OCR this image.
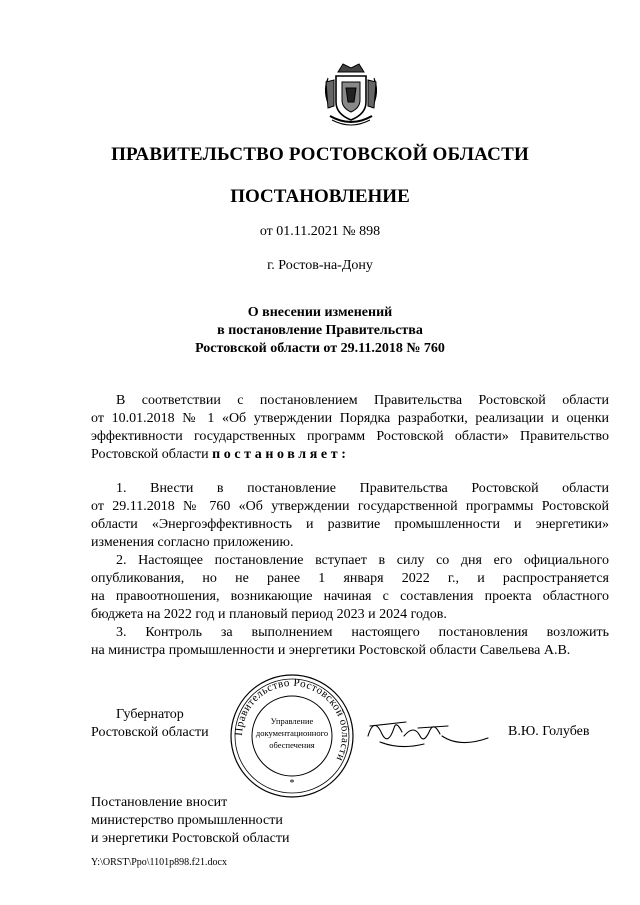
ПРАВИТЕЛЬСТВО РОСТОВСКОЙ ОБЛАСТИ
ПОСТАНОВЛЕНИЕ
от 01.11.2021 № 898
г. Ростов-на-Дону
О внесении изменений
в постановление Правительства
Ростовской области от 29.11.2018 № 760
В соответствии с постановлением Правительства Ростовской области
от 10.01.2018 № 1 «Об утверждении Порядка разработки, реализации и оценки
эффективности государственных программ Ростовской области» Правительство
Ростовской области постановляет:
1. Внести в постановление Правительства Ростовской области
от 29.11.2018 № 760 «Об утверждении государственной программы Ростовской
области «Энергоэффективность и развитие промышленности и энергетики»
изменения согласно приложению.
2. Настоящее постановление вступает в силу со дня его официального
опубликования, но не ранее 1 января 2022 г., и распространяется
на правоотношения, возникающие начиная с составления проекта областного
бюджета на 2022 год и плановый период 2023 и 2024 годов.
3. Контроль за выполнением настоящего постановления возложить
на министра промышленности и энергетики Ростовской области Савельева А.В.
Губернатор
Ростовской области Правительство Ростовской области
Управление
документационного
обеспечения
*
В.Ю. Голубев
Постановление вносит
министерство промышленности
и энергетики Ростовской области
Y:\ORST\Ppo\1101p898.f21.docx
